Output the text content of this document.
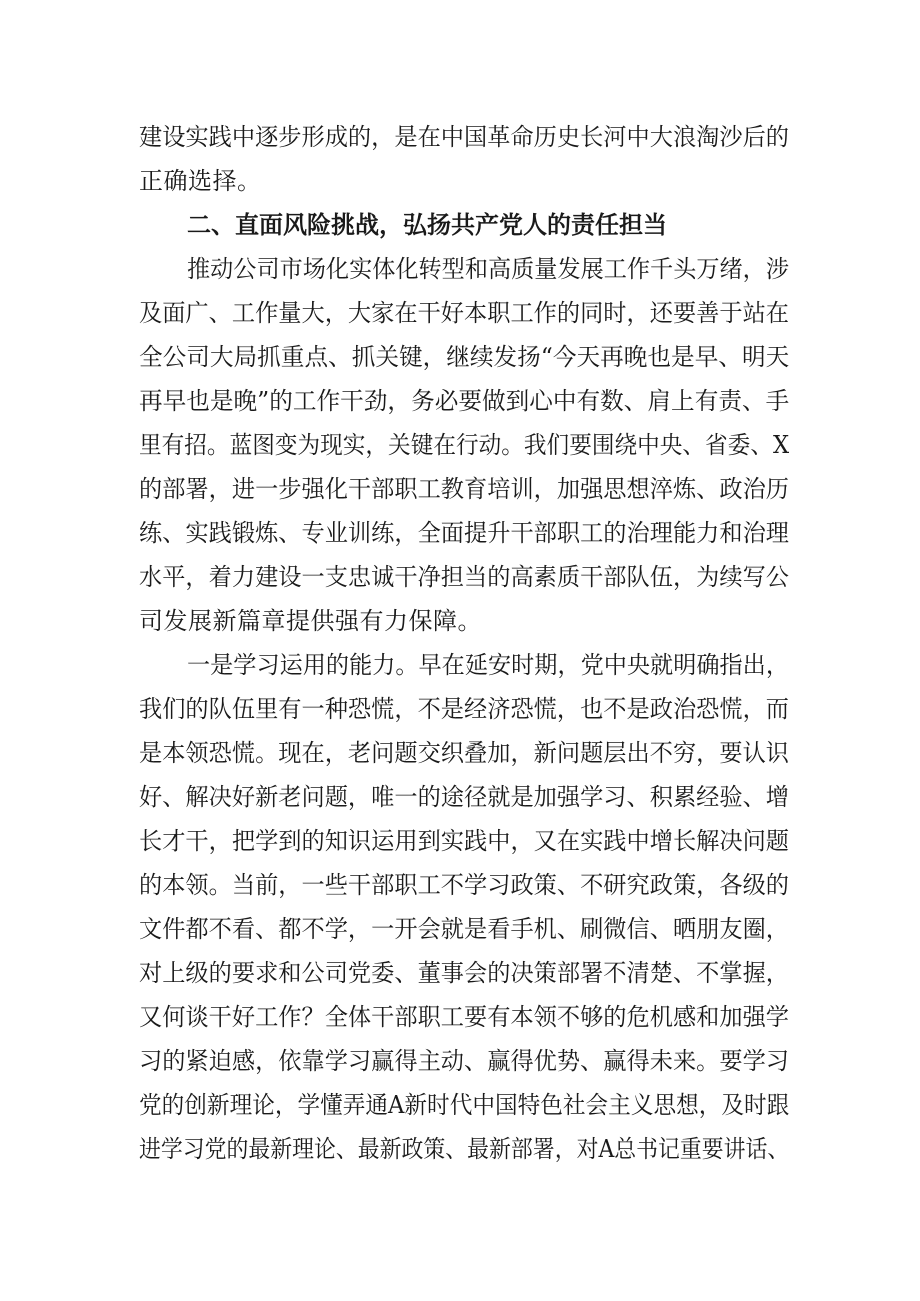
建设实践中逐步形成的，是在中国革命历史长河中大浪淘沙后的
正确选择。
二、直面风险挑战，弘扬共产党人的责任担当
推动公司市场化实体化转型和高质量发展工作千头万绪，涉
及面广、工作量大，大家在干好本职工作的同时，还要善于站在
全公司大局抓重点、抓关键，继续发扬“今天再晚也是早、明天
再早也是晚”的工作干劲，务必要做到心中有数、肩上有责、手
里有招。蓝图变为现实，关键在行动。我们要围绕中央、省委、X
的部署，进一步强化干部职工教育培训，加强思想淬炼、政治历
练、实践锻炼、专业训练，全面提升干部职工的治理能力和治理
水平，着力建设一支忠诚干净担当的高素质干部队伍，为续写公
司发展新篇章提供强有力保障。
一是学习运用的能力。早在延安时期，党中央就明确指出，
我们的队伍里有一种恐慌，不是经济恐慌，也不是政治恐慌，而
是本领恐慌。现在，老问题交织叠加，新问题层出不穷，要认识
好、解决好新老问题，唯一的途径就是加强学习、积累经验、增
长才干，把学到的知识运用到实践中，又在实践中增长解决问题
的本领。当前，一些干部职工不学习政策、不研究政策，各级的
文件都不看、都不学，一开会就是看手机、刷微信、晒朋友圈，
对上级的要求和公司党委、董事会的决策部署不清楚、不掌握，
又何谈干好工作？全体干部职工要有本领不够的危机感和加强学
习的紧迫感，依靠学习赢得主动、赢得优势、赢得未来。要学习
党的创新理论，学懂弄通A新时代中国特色社会主义思想，及时跟
进学习党的最新理论、最新政策、最新部署，对A总书记重要讲话、
